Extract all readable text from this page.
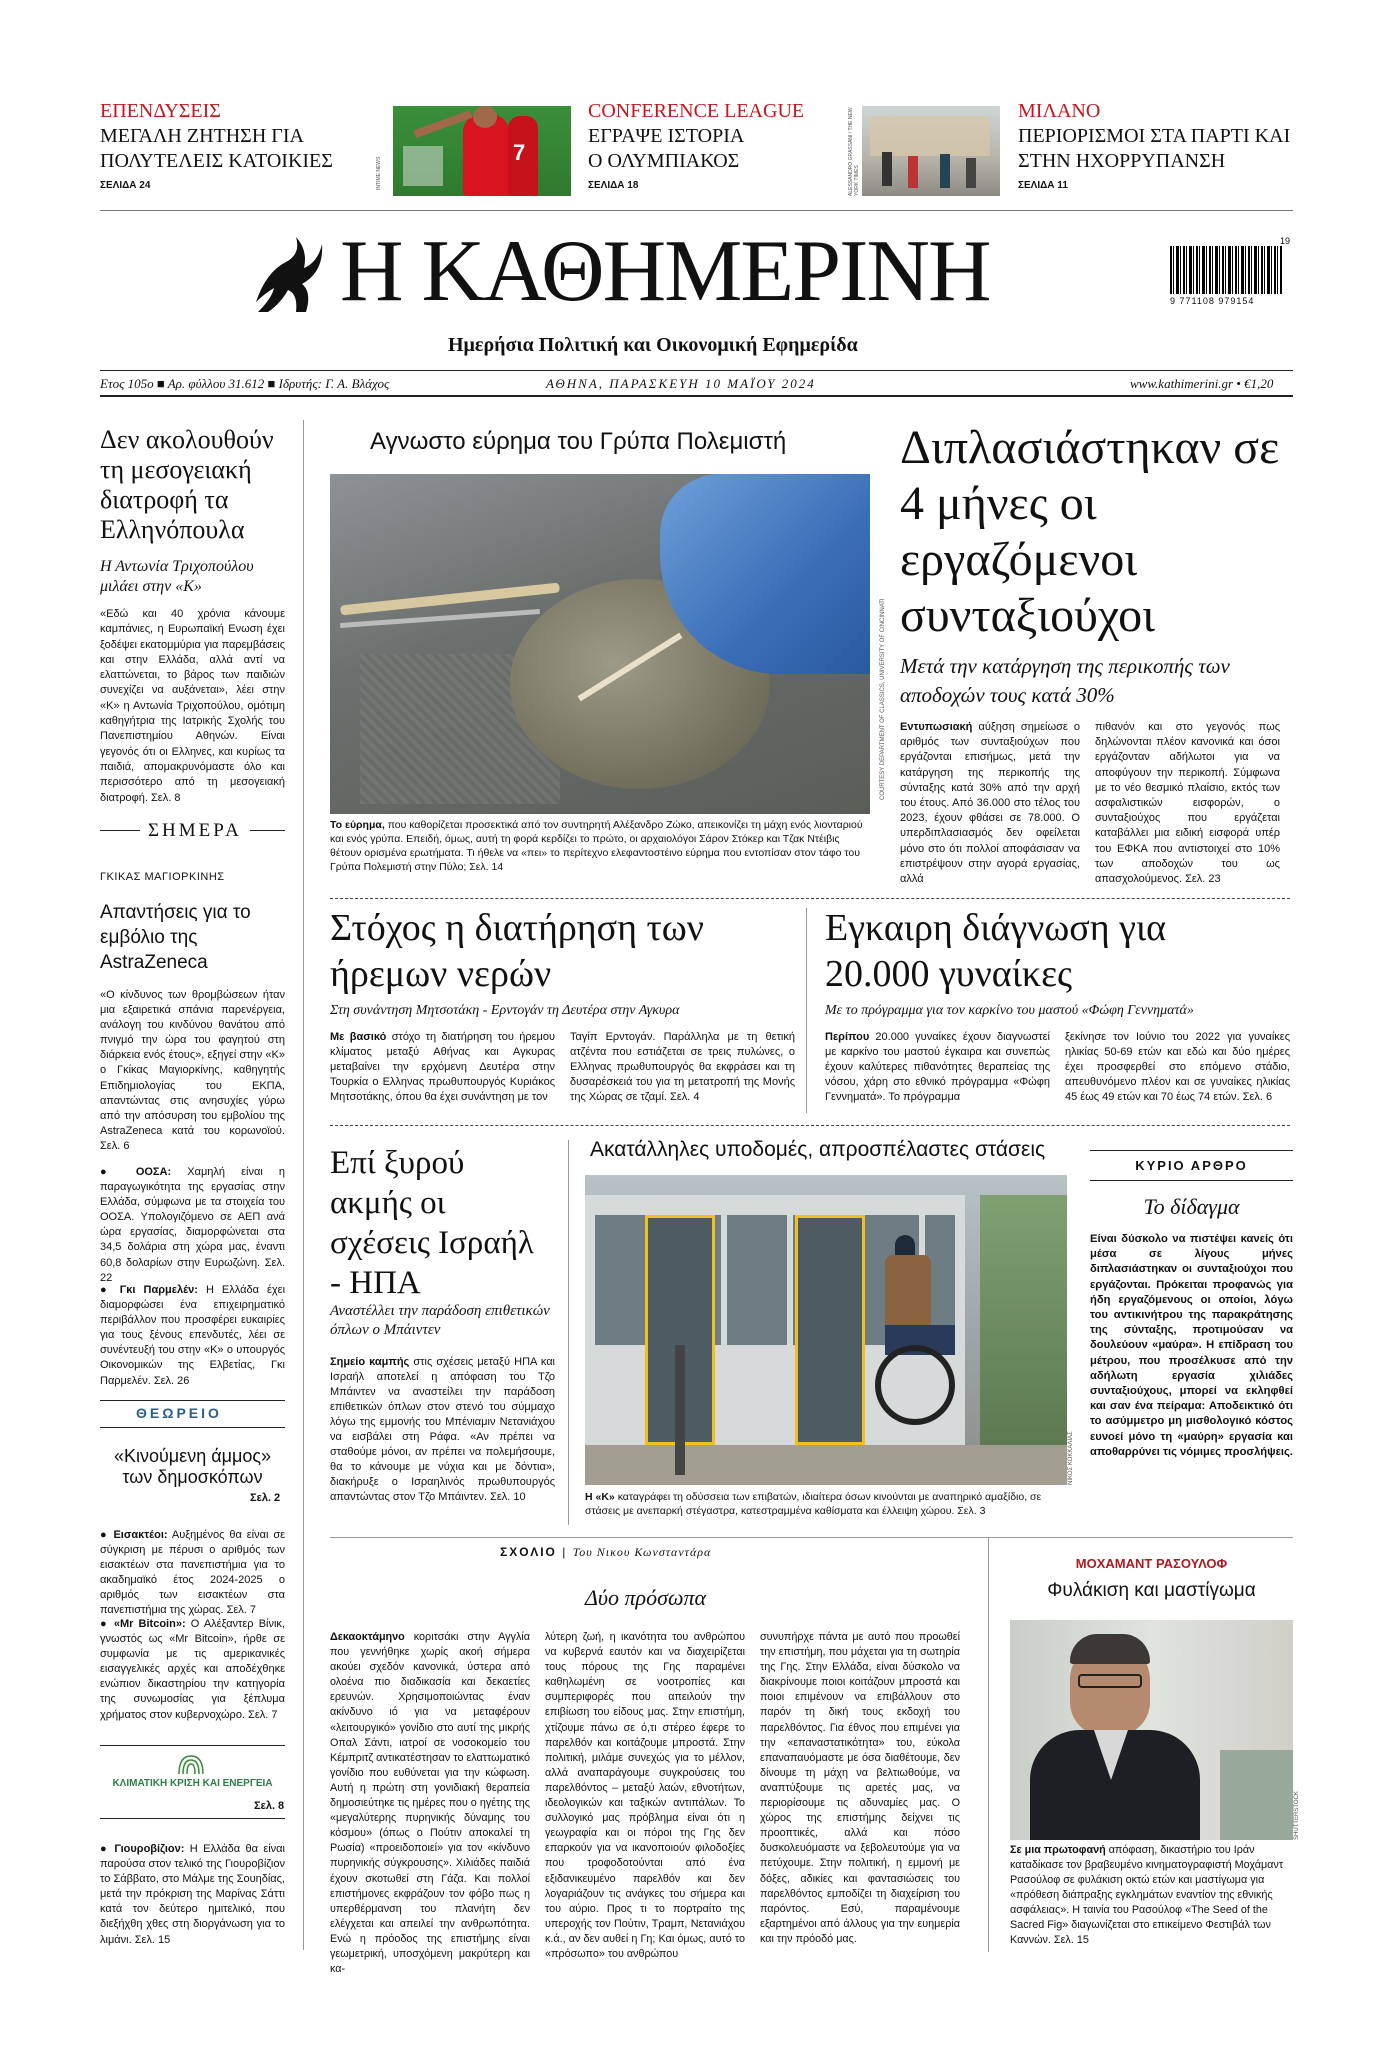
ΕΠΕΝΔΥΣΕΙΣ
ΜΕΓΑΛΗ ΖΗΤΗΣΗ ΓΙΑ ΠΟΛΥΤΕΛΕΙΣ ΚΑΤΟΙΚΙΕΣ
ΣΕΛΙΔΑ 24
7
INTIME NEWS
CONFERENCE LEAGUE
ΕΓΡΑΨΕ ΙΣΤΟΡΙΑ Ο ΟΛΥΜΠΙΑΚΟΣ
ΣΕΛΙΔΑ 18	ALESSANDRO GRASSANI / THE NEW YORK TIMES
ΜΙΛΑΝΟ
ΠΕΡΙΟΡΙΣΜΟΙ ΣΤΑ ΠΑΡΤΙ ΚΑΙ ΣΤΗΝ ΗΧΟΡΡΥΠΑΝΣΗ
ΣΕΛΙΔΑ 11
Η ΚΑΘΗΜΕΡΙΝΗ
Ημερήσια Πολιτική και Οικονομική Εφημερίδα
19
9 771108 979154
Ετος 105ο ■ Αρ. φύλλου 31.612 ■ Ιδρυτής: Γ. Α. Βλάχος	ΑΘΗΝΑ, ΠΑΡΑΣΚΕΥΗ 10 ΜΑΪΟΥ 2024	www.kathimerini.gr • €1,20
Δεν ακολουθούν τη μεσογειακή διατροφή τα Ελληνόπουλα
Η Αντωνία Τριχοπούλου μιλάει στην «Κ»
«Εδώ και 40 χρόνια κάνουμε καμπάνιες, η Ευρωπαϊκή Ενωση έχει ξοδέψει εκατομμύρια για παρεμβάσεις και στην Ελλάδα, αλλά αντί να ελαττώνεται, το βάρος των παιδιών συνεχίζει να αυξάνεται», λέει στην «Κ» η Αντωνία Τριχοπούλου, ομότιμη καθηγήτρια της Ιατρικής Σχολής του Πανεπιστημίου Αθηνών. Είναι γεγονός ότι οι Ελληνες, και κυρίως τα παιδιά, απομακρυνόμαστε όλο και περισσότερο από τη μεσογειακή διατροφή. Σελ. 8
ΣΗΜΕΡΑ
ΓΚΙΚΑΣ ΜΑΓΙΟΡΚΙΝΗΣ
Απαντήσεις για το εμβόλιο της AstraZeneca
«Ο κίνδυνος των θρομβώσεων ήταν μια εξαιρετικά σπάνια παρενέργεια, ανάλογη του κινδύνου θανάτου από πνιγμό την ώρα του φαγητού στη διάρκεια ενός έτους», εξηγεί στην «Κ» ο Γκίκας Μαγιορκίνης, καθηγητής Επιδημιολογίας του ΕΚΠΑ, απαντώντας στις ανησυχίες γύρω από την απόσυρση του εμβολίου της AstraZeneca κατά του κορωνοϊού. Σελ. 6
● ΟΟΣΑ: Χαμηλή είναι η παραγωγικότητα της εργασίας στην Ελλάδα, σύμφωνα με τα στοιχεία του ΟΟΣΑ. Υπολογιζόμενο σε ΑΕΠ ανά ώρα εργασίας, διαμορφώνεται στα 34,5 δολάρια στη χώρα μας, έναντι 60,8 δολαρίων στην Ευρωζώνη. Σελ. 22
● Γκι Παρμελέν: Η Ελλάδα έχει διαμορφώσει ένα επιχειρηματικό περιβάλλον που προσφέρει ευκαιρίες για τους ξένους επενδυτές, λέει σε συνέντευξή του στην «Κ» ο υπουργός Οικονομικών της Ελβετίας, Γκι Παρμελέν. Σελ. 26
ΘΕΩΡΕΙΟ
«Κινούμενη άμμος» των δημοσκόπων
Σελ. 2
● Εισακτέοι: Αυξημένος θα είναι σε σύγκριση με πέρυσι ο αριθμός των εισακτέων στα πανεπιστήμια για το ακαδημαϊκό έτος 2024-2025 ο αριθμός των εισακτέων στα πανεπιστήμια της χώρας. Σελ. 7
● «Mr Bitcoin»: Ο Αλέξαντερ Βίνικ, γνωστός ως «Mr Bitcoin», ήρθε σε συμφωνία με τις αμερικανικές εισαγγελικές αρχές και αποδέχθηκε ενώπιον δικαστηρίου την κατηγορία της συνωμοσίας για ξέπλυμα χρήματος στον κυβερνοχώρο. Σελ. 7
ΚΛΙΜΑΤΙΚΗ ΚΡΙΣΗ ΚΑΙ ΕΝΕΡΓΕΙΑ
Σελ. 8
● Γιουροβίζιον: Η Ελλάδα θα είναι παρούσα στον τελικό της Γιουροβίζιον το Σάββατο, στο Μάλμε της Σουηδίας, μετά την πρόκριση της Μαρίνας Σάττι κατά τον δεύτερο ημιτελικό, που διεξήχθη χθες στη διοργάνωση για το λιμάνι. Σελ. 15
Αγνωστο εύρημα του Γρύπα Πολεμιστή
COURTESY DEPARTMENT OF CLASSICS, UNIVERSITY OF CINCINNATI
Το εύρημα, που καθορίζεται προσεκτικά από τον συντηρητή Αλέξανδρο Ζώκο, απεικονίζει τη μάχη ενός λιονταριού και ενός γρύπα. Επειδή, όμως, αυτή τη φορά κερδίζει το πρώτο, οι αρχαιολόγοι Σάρον Στόκερ και Τζακ Ντέιβις θέτουν ορισμένα ερωτήματα. Τι ήθελε να «πει» το περίτεχνο ελεφαντοστέινο εύρημα που εντοπίσαν στον τάφο του Γρύπα Πολεμιστή στην Πύλο; Σελ. 14
Διπλασιάστηκαν σε 4 μήνες οι εργαζόμενοι συνταξιούχοι
Μετά την κατάργηση της περικοπής των αποδοχών τους κατά 30%
Εντυπωσιακή αύξηση σημείωσε ο αριθμός των συνταξιούχων που εργάζονται επισήμως, μετά την κατάργηση της περικοπής της σύνταξης κατά 30% από την αρχή του έτους. Από 36.000 στο τέλος του 2023, έχουν φθάσει σε 78.000. Ο υπερδιπλασιασμός δεν οφείλεται μόνο στο ότι πολλοί αποφάσισαν να επιστρέψουν στην αγορά εργασίας, αλλά
πιθανόν και στο γεγονός πως δηλώνονται πλέον κανονικά και όσοι εργάζονταν αδήλωτοι για να αποφύγουν την περικοπή. Σύμφωνα με το νέο θεσμικό πλαίσιο, εκτός των ασφαλιστικών εισφορών, ο συνταξιούχος που εργάζεται καταβάλλει μια ειδική εισφορά υπέρ του ΕΦΚΑ που αντιστοιχεί στο 10% των αποδοχών του ως απασχολούμενος. Σελ. 23
Στόχος η διατήρηση των ήρεμων νερών
Στη συνάντηση Μητσοτάκη - Ερντογάν τη Δευτέρα στην Αγκυρα
Με βασικό στόχο τη διατήρηση του ήρεμου κλίματος μεταξύ Αθήνας και Αγκυρας μεταβαίνει την ερχόμενη Δευτέρα στην Τουρκία ο Ελληνας πρωθυπουργός Κυριάκος Μητσοτάκης, όπου θα έχει συνάντηση με τον
Ταγίπ Ερντογάν. Παράλληλα με τη θετική ατζέντα που εστιάζεται σε τρεις πυλώνες, ο Ελληνας πρωθυπουργός θα εκφράσει και τη δυσαρέσκειά του για τη μετατροπή της Μονής της Χώρας σε τζαμί. Σελ. 4
Εγκαιρη διάγνωση για 20.000 γυναίκες
Με το πρόγραμμα για τον καρκίνο του μαστού «Φώφη Γεννηματά»
Περίπου 20.000 γυναίκες έχουν διαγνωστεί με καρκίνο του μαστού έγκαιρα και συνεπώς έχουν καλύτερες πιθανότητες θεραπείας της νόσου, χάρη στο εθνικό πρόγραμμα «Φώφη Γεννηματά». Το πρόγραμμα
ξεκίνησε τον Ιούνιο του 2022 για γυναίκες ηλικίας 50-69 ετών και εδώ και δύο ημέρες έχει προσφερθεί στο επόμενο στάδιο, απευθυνόμενο πλέον και σε γυναίκες ηλικίας 45 έως 49 ετών και 70 έως 74 ετών. Σελ. 6
Επί ξυρού ακμής οι σχέσεις Ισραήλ - ΗΠΑ
Αναστέλλει την παράδοση επιθετικών όπλων ο Μπάιντεν
Σημείο καμπής στις σχέσεις μεταξύ ΗΠΑ και Ισραήλ αποτελεί η απόφαση του Τζο Μπάιντεν να αναστείλει την παράδοση επιθετικών όπλων στον στενό του σύμμαχο λόγω της εμμονής του Μπένιαμιν Νετανιάχου να εισβάλει στη Ράφα. «Αν πρέπει να σταθούμε μόνοι, αν πρέπει να πολεμήσουμε, θα το κάνουμε με νύχια και με δόντια», διακήρυξε ο Ισραηλινός πρωθυπουργός απαντώντας στον Τζο Μπάιντεν. Σελ. 10
Ακατάλληλες υποδομές, απροσπέλαστες στάσεις
ΝΙΚΟΣ ΚΟΚΚΑΛΙΑΣ
Η «Κ» καταγράφει τη οδύσσεια των επιβατών, ιδιαίτερα όσων κινούνται με αναπηρικό αμαξίδιο, σε στάσεις με ανεπαρκή στέγαστρα, κατεστραμμένα καθίσματα και έλλειψη χώρου. Σελ. 3
ΚΥΡΙΟ ΑΡΘΡΟ
Το δίδαγμα
Είναι δύσκολο να πιστέψει κανείς ότι μέσα σε λίγους μήνες διπλασιάστηκαν οι συνταξιούχοι που εργάζονται. Πρόκειται προφανώς για ήδη εργαζόμενους οι οποίοι, λόγω του αντικινήτρου της παρακράτησης της σύνταξης, προτιμούσαν να δουλεύουν «μαύρα». Η επίδραση του μέτρου, που προσέλκυσε από την αδήλωτη εργασία χιλιάδες συνταξιούχους, μπορεί να εκληφθεί και σαν ένα πείραμα: Αποδεικτικό ότι το ασύμμετρο μη μισθολογικό κόστος ευνοεί μόνο τη «μαύρη» εργασία και αποθαρρύνει τις νόμιμες προσλήψεις.
ΣΧΟΛΙΟ | Του Νικου Κωνσταντάρα
Δύο πρόσωπα
Δεκαοκτάμηνο κοριτσάκι στην Αγγλία που γεννήθηκε χωρίς ακοή σήμερα ακούει σχεδόν κανονικά, ύστερα από ολοένα πιο διαδικασία και δεκαετίες ερευνών. Χρησιμοποιώντας έναν ακίνδυνο ιό για να μεταφέρουν «λειτουργικό» γονίδιο στο αυτί της μικρής Οπαλ Σάντι, ιατροί σε νοσοκομείο του Κέμπριτζ αντικατέστησαν το ελαττωματικό γονίδιο που ευθύνεται για την κώφωση. Αυτή η πρώτη στη γονιδιακή θεραπεία δημοσιεύτηκε τις ημέρες που ο ηγέτης της «μεγαλύτερης πυρηνικής δύναμης του κόσμου» (όπως ο Πούτιν αποκαλεί τη Ρωσία) «προειδοποιεί» για τον «κίνδυνο πυρηνικής σύγκρουσης». Χιλιάδες παιδιά έχουν σκοτωθεί στη Γάζα. Και πολλοί επιστήμονες εκφράζουν τον φόβο πως η υπερθέρμανση του πλανήτη δεν ελέγχεται και απειλεί την ανθρωπότητα. Ενώ η πρόοδος της επιστήμης είναι γεωμετρική, υποσχόμενη μακρύτερη και κα-
λύτερη ζωή, η ικανότητα του ανθρώπου να κυβερνά εαυτόν και να διαχειρίζεται τους πόρους της Γης παραμένει καθηλωμένη σε νοοτροπίες και συμπεριφορές που απειλούν την επιβίωση του είδους μας. Στην επιστήμη, χτίζουμε πάνω σε ό,τι στέρεο έφερε το παρελθόν και κοιτάζουμε μπροστά. Στην πολιτική, μιλάμε συνεχώς για το μέλλον, αλλά αναπαράγουμε συγκρούσεις του παρελθόντος – μεταξύ λαών, εθνοτήτων, ιδεολογικών και ταξικών αντιπάλων. Το συλλογικό μας πρόβλημα είναι ότι η γεωγραφία και οι πόροι της Γης δεν επαρκούν για να ικανοποιούν φιλοδοξίες που τροφοδοτούνται από ένα εξιδανικευμένο παρελθόν και δεν λογαριάζουν τις ανάγκες του σήμερα και του αύριο. Προς τι το πορτραίτο της υπεροχής τον Πούτιν, Τραμπ, Νετανιάχου κ.ά., αν δεν αυθεί η Γη; Και όμως, αυτό το «πρόσωπο» του ανθρώπου
συνυπήρχε πάντα με αυτό που προωθεί την επιστήμη, που μάχεται για τη σωτηρία της Γης. Στην Ελλάδα, είναι δύσκολο να διακρίνουμε ποιοι κοιτάζουν μπροστά και ποιοι επιμένουν να επιβάλλουν στο παρόν τη δική τους εκδοχή του παρελθόντος. Για έθνος που επιμένει για την «επαναστατικότητα» του, εύκολα επαναπαυόμαστε με όσα διαθέτουμε, δεν δίνουμε τη μάχη να βελτιωθούμε, να αναπτύξουμε τις αρετές μας, να περιορίσουμε τις αδυναμίες μας. Ο χώρος της επιστήμης δείχνει τις προοπτικές, αλλά και πόσο δυσκολευόμαστε να ξεβολευτούμε για να πετύχουμε. Στην πολιτική, η εμμονή με δόξες, αδικίες και φαντασιώσεις του παρελθόντος εμποδίζει τη διαχείριση του παρόντος. Εσύ, παραμένουμε εξαρτημένοι από άλλους για την ευημερία και την πρόοδό μας.
ΜΟΧΑΜΑΝΤ ΡΑΣΟΥΛΟΦ
Φυλάκιση και μαστίγωμα
SHUTTERSTOCK
Σε μια πρωτοφανή απόφαση, δικαστήριο του Ιράν καταδίκασε τον βραβευμένο κινηματογραφιστή Μοχάμαντ Ρασούλοφ σε φυλάκιση οκτώ ετών και μαστίγωμα για «πρόθεση διάπραξης εγκλημάτων εναντίον της εθνικής ασφάλειας». Η ταινία του Ρασούλοφ «The Seed of the Sacred Fig» διαγωνίζεται στο επικείμενο Φεστιβάλ των Καννών. Σελ. 15
